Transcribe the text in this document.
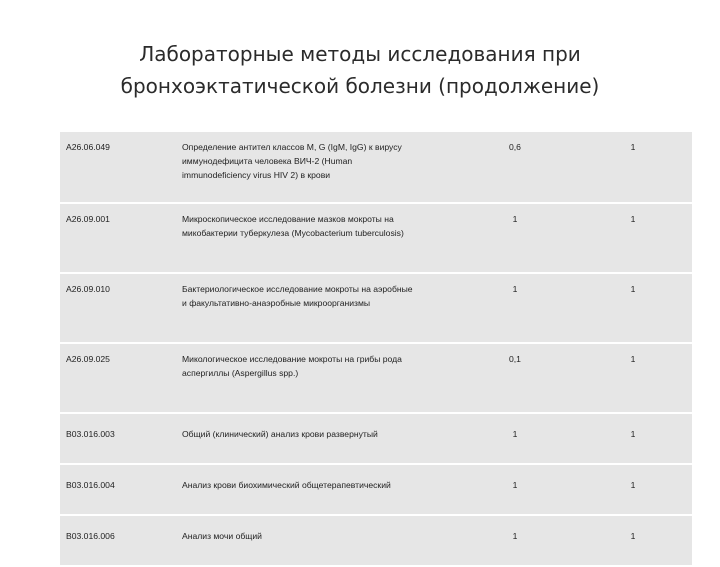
Лабораторные методы исследования при
бронхоэктатической болезни (продолжение)
A26.06.049	Определение антител классов M, G (IgM, IgG) к вирусу
иммунодефицита человека ВИЧ-2 (Human
immunodeficiency virus HIV 2) в крови	0,6	1
A26.09.001	Микроскопическое исследование мазков мокроты на
микобактерии туберкулеза (Mycobacterium tuberculosis)	1	1
A26.09.010	Бактериологическое исследование мокроты на аэробные
и факультативно-анаэробные микроорганизмы	1	1
A26.09.025	Микологическое исследование мокроты на грибы рода
аспергиллы (Aspergillus spp.)	0,1	1
B03.016.003	Общий (клинический) анализ крови развернутый	1	1
B03.016.004	Анализ крови биохимический общетерапевтический	1	1
B03.016.006	Анализ мочи общий	1	1
